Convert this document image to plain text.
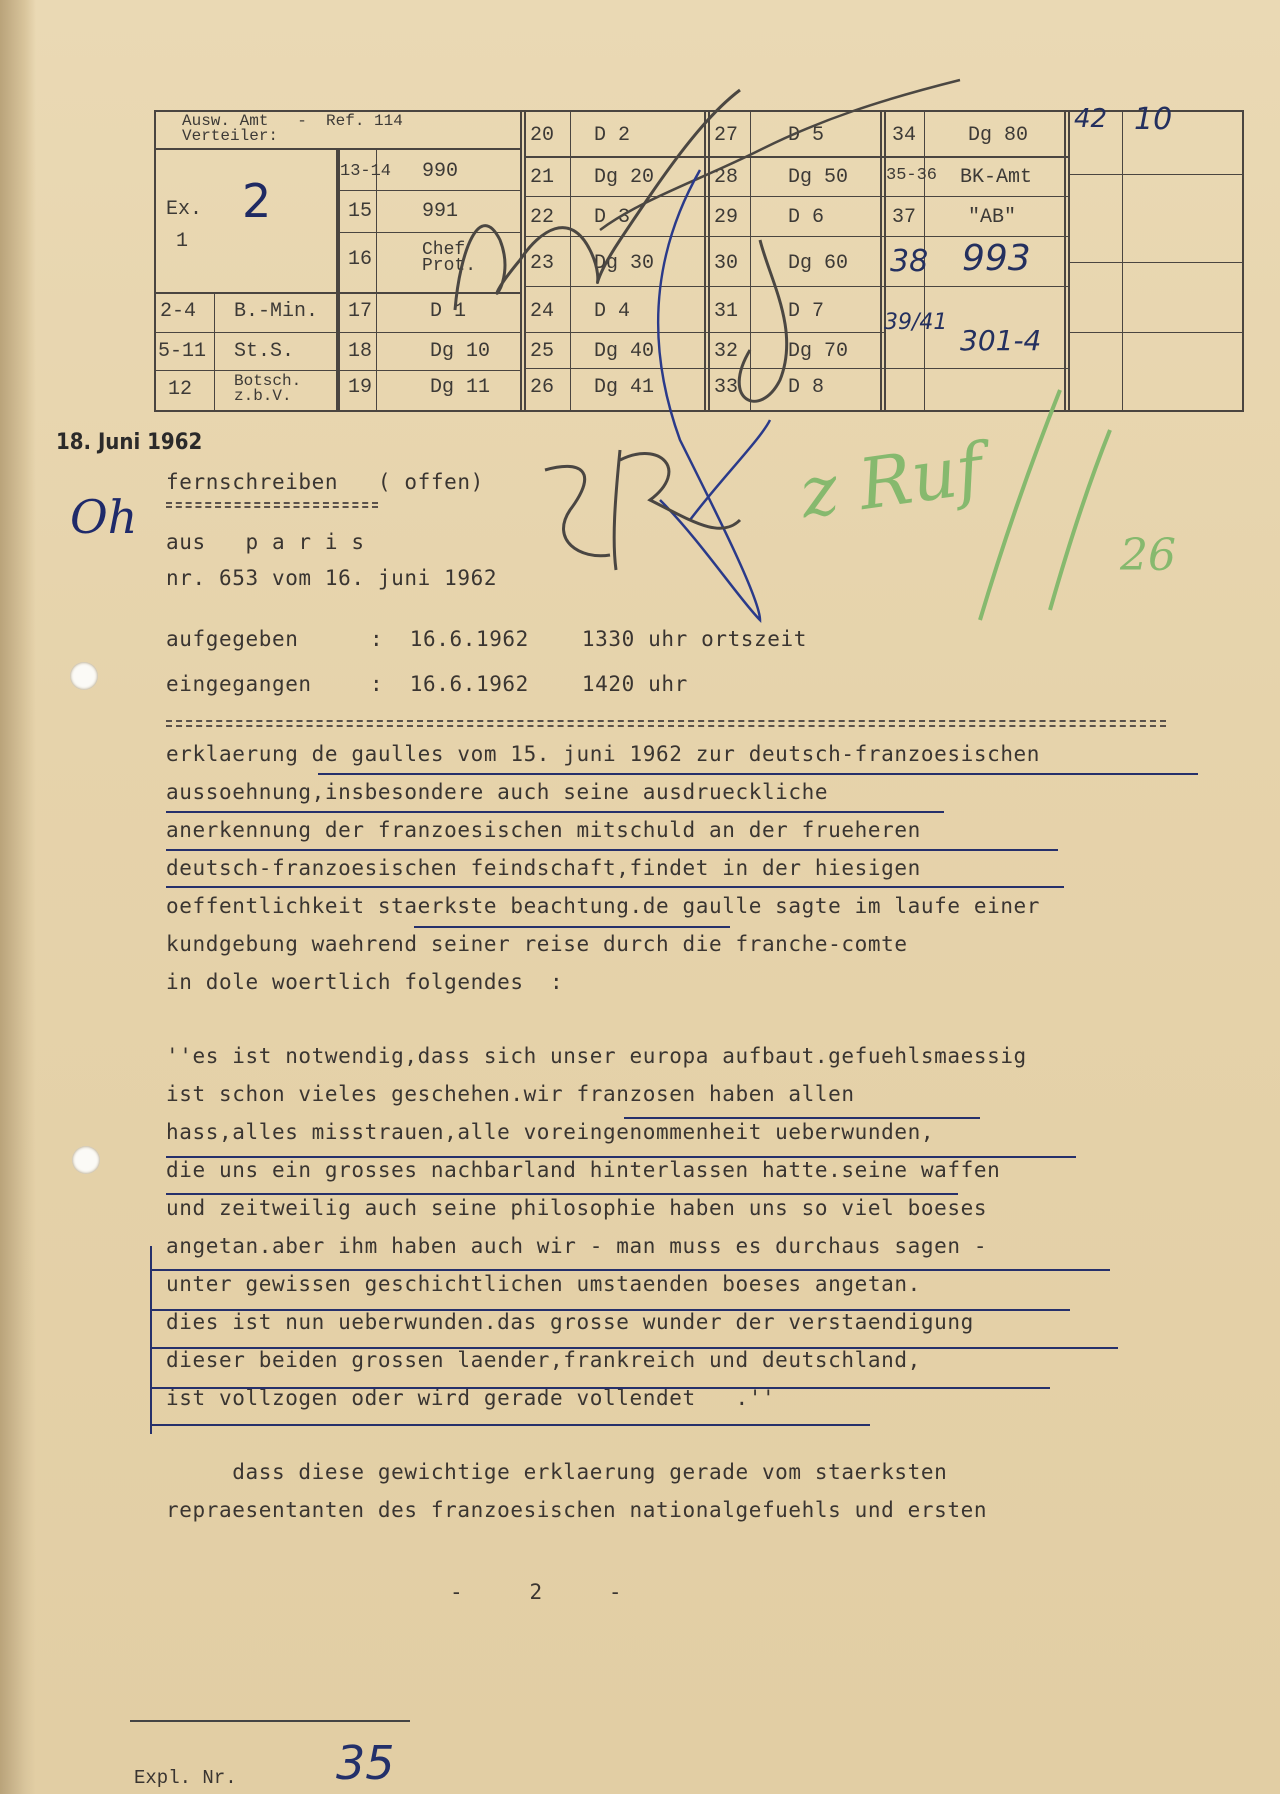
Ausw. Amt   -  Ref. 114
Verteiler:
Ex.
1
2
2-4 B.-Min.
5-11 St.S.
12	Botsch.
z.b.V.
13-14 990
15 991
16	Chef
Prot.
17	D 1
18	Dg 10
19	Dg 11
20 D 2
21 Dg 20
22 D 3
23 Dg 30
24 D 4
25 Dg 40
26 Dg 41
27 D 5
28 Dg 50
29 D 6
30 Dg 60
31 D 7
32 Dg 70
33 D 8
34	Dg 80
35-36 BK-Amt
37	"AB"
38 993
39/41
301-4
42 10
18. Juni 1962
fernschreiben   ( offen)
aus   p a r i s
nr. 653 vom 16. juni 1962
aufgegeben	:  16.6.1962    1330 uhr ortszeit
eingegangen	:  16.6.1962    1420 uhr
erklaerung de gaulles vom 15. juni 1962 zur deutsch-franzoesischen
aussoehnung,insbesondere auch seine ausdrueckliche
anerkennung der franzoesischen mitschuld an der frueheren
deutsch-franzoesischen feindschaft,findet in der hiesigen
oeffentlichkeit staerkste beachtung.de gaulle sagte im laufe einer
kundgebung waehrend seiner reise durch die franche-comte
in dole woertlich folgendes  :
''es ist notwendig,dass sich unser europa aufbaut.gefuehlsmaessig
ist schon vieles geschehen.wir franzosen haben allen
hass,alles misstrauen,alle voreingenommenheit ueberwunden,
die uns ein grosses nachbarland hinterlassen hatte.seine waffen
und zeitweilig auch seine philosophie haben uns so viel boeses
angetan.aber ihm haben auch wir - man muss es durchaus sagen -
unter gewissen geschichtlichen umstaenden boeses angetan.
dies ist nun ueberwunden.das grosse wunder der verstaendigung
dieser beiden grossen laender,frankreich und deutschland,
ist vollzogen oder wird gerade vollendet   .''
dass diese gewichtige erklaerung gerade vom staerksten
repraesentanten des franzoesischen nationalgefuehls und ersten
-     2     -
Expl. Nr. 35
Oh	z Ruf
26
